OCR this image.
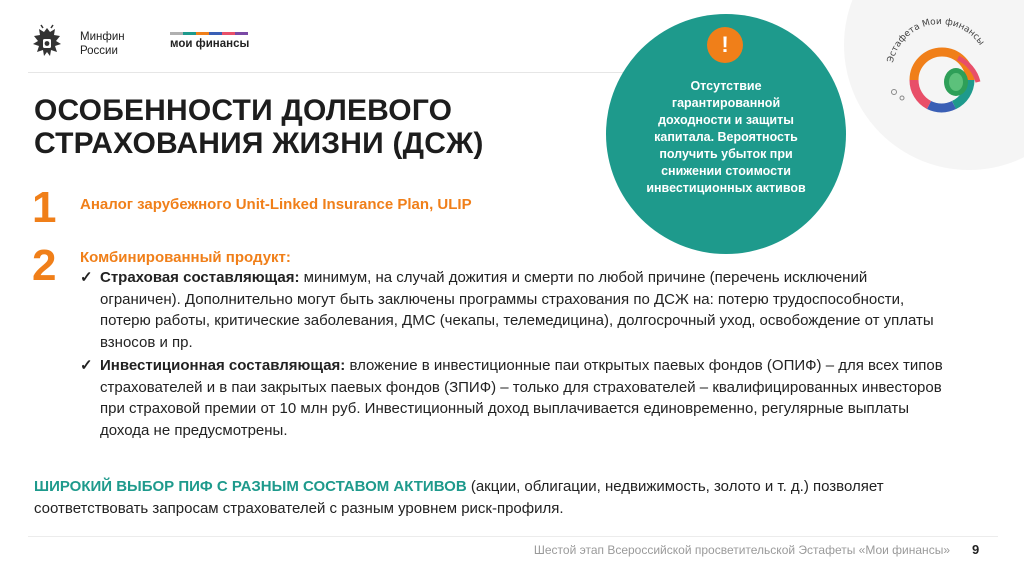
Минфин
России
мои финансы
Эстафета Мои финансы
ОСОБЕННОСТИ ДОЛЕВОГО
СТРАХОВАНИЯ ЖИЗНИ (ДСЖ)
!
Отсутствие гарантированной доходности и защиты капитала. Вероятность получить убыток при снижении стоимости инвестиционных активов
1 Аналог зарубежного Unit-Linked Insurance Plan, ULIP
2 Комбинированный продукт:
✓ Страховая составляющая: минимум, на случай дожития и смерти по любой причине (перечень исключений ограничен). Дополнительно могут быть заключены программы страхования по ДСЖ на: потерю трудоспособности, потерю работы, критические заболевания, ДМС (чекапы, телемедицина), долгосрочный уход, освобождение от уплаты взносов и пр.
✓ Инвестиционная составляющая: вложение в инвестиционные паи открытых паевых фондов (ОПИФ) – для всех типов страхователей и в паи закрытых паевых фондов (ЗПИФ) – только для страхователей – квалифицированных инвесторов при страховой премии от 10 млн руб. Инвестиционный доход выплачивается единовременно, регулярные выплаты дохода не предусмотрены.
ШИРОКИЙ ВЫБОР ПИФ С РАЗНЫМ СОСТАВОМ АКТИВОВ (акции, облигации, недвижимость, золото и т. д.) позволяет соответствовать запросам страхователей с разным уровнем риск-профиля.
Шестой этап Всероссийской просветительской Эстафеты «Мои финансы» 9
